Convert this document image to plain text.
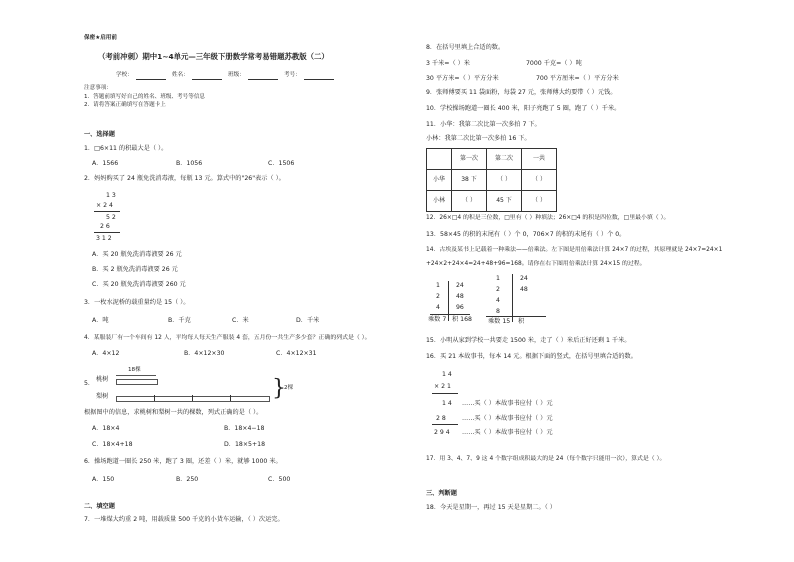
保密★启用前
（考前冲刺）期中1~4单元—三年级下册数学常考易错题苏教版（二）
学校：	姓名：	班级：	考号：
注意事项：
1．答题前填写好自己的姓名、班级、考号等信息
2．请将答案正确填写在答题卡上
一、选择题
1．□6×11 的积最大是（ ）。
A．1566	B．1056	C．1506
2．妈妈购买了 24 瓶免洗消毒液，每瓶 13 元。算式中的"26"表示（ ）。
1 3
× 2 4
5 2
2 6
3 1 2
A．买 20 瓶免洗消毒液要 26 元
B．买 2 瓶免洗消毒液要 26 元
C．买 20 瓶免洗消毒液要 260 元
3．一枚水泥桥的载重量约是 15（ ）。
A．吨	B．千克	C．米	D．千米
4．某服装厂有一个车间有 12 人，平均每人每天生产服装 4 套，五月份一共生产多少套？正确的列式是（ ）。
A．4×12	B．4×12×30	C．4×12×31
5．
18棵
桃树
梨树	}
2棵
根据图中的信息，求桃树和梨树一共的棵数，列式正确的是（ ）。
A．18×4	B．18×4−18
C．18×4+18	D．18×5+18
6．操场跑道一圈长 250 米，跑了 3 圈，还差（ ）米，就够 1000 米。
A．150	B．250	C．500
二、填空题
7．一堆煤大约重 2 吨，用载质量 500 千克的小货车运输，（ ）次运完。
8．在括号里填上合适的数。
3 千米=（ ）米	7000 千克=（ ）吨
30 平方米=（ ）平方分米	700 平方厘米=（ ）平方分米
9．张师傅要买 11 袋面粉，每袋 27 元，张师傅大约要带（ ）元钱。
10．学校操场跑道一圈长 400 米，阳子亮跑了 5 圈，跑了（ ）千米。
11．小华：我第二次比第一次多拍 7 下。
小林：我第二次比第一次多拍 16 下。
	第一次	第二次	一共
小华	38 下	（ ）	（ ）
小林	（ ）	45 下	（ ）
12．26×□4 的积是三位数，□里有（ ）种填法；26×□4 的积是四位数，□里最小填（ ）。
13．58×45 的积的末尾有（ ）个 0，706×7 的积的末尾有（ ）个 0。
14．古埃及某书上记载着一种乘法——倍乘法。左下图是用倍乘法计算 24×7 的过程，其原理就是 24×7=24×1
+24×2+24×4=24+48+96=168。请你在右下图用倍乘法计算 24×15 的过程。
1	24
2	48
4	96
乘数 7 积 168
1	24
2	48
4
8
乘数 15 积
15．小明从家到学校一共要走 1500 米，走了（ ）米后正好还剩 1 千米。
16．买 21 本故事书，每本 14 元。根据下面的竖式，在括号里填合适的数。
1 4
× 2 1
1 4
2 8
2 9 4
……买（ ）本故事书应付（ ）元
……买（ ）本故事书应付（ ）元
……买（ ）本故事书应付（ ）元
17．用 3、4、7、9 这 4 个数字组成积最大的是 24（每个数字只能用一次），算式是（ ）。
三、判断题
18．今天是星期一，再过 15 天是星期二。（ ）
